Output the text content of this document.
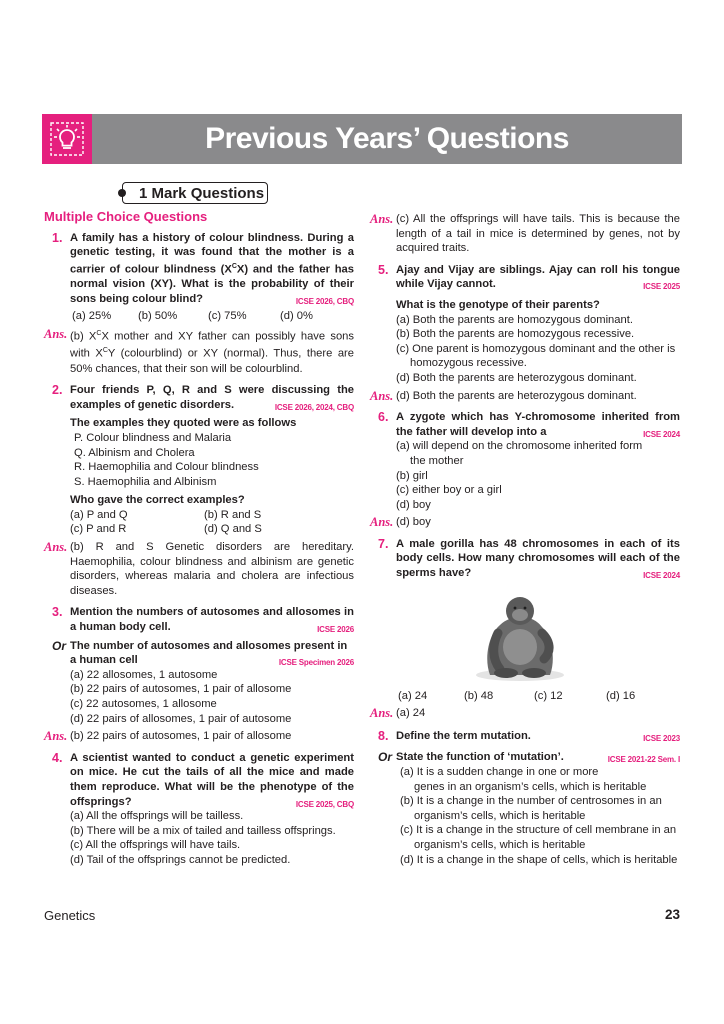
Previous Years’ Questions
1 Mark Questions
Multiple Choice Questions
1. A family has a history of colour blindness. During a genetic testing, it was found that the mother is a carrier of colour blindness $(X^CX)$ and the father has normal vision (XY). What is the probability of their sons being colour blind?	ICSE 2026, CBQ
(a) 25%	(b) 50%	(c) 75%	(d) 0%
Ans. (b) $X^CX$ mother and XY father can possibly have sons with $X^CY$ (colourblind) or XY (normal). Thus, there are 50% chances, that their son will be colourblind.
2. Four friends P, Q, R and S were discussing the examples of genetic disorders.	ICSE 2026, 2024, CBQ
The examples they quoted were as follows
P. Colour blindness and Malaria
Q. Albinism and Cholera
R. Haemophilia and Colour blindness
S. Haemophilia and Albinism
Who gave the correct examples?
(a) P and Q	(b) R and S
(c) P and R	(d) Q and S
Ans. (b) R and S Genetic disorders are hereditary. Haemophilia, colour blindness and albinism are genetic disorders, whereas malaria and cholera are infectious diseases.
3. Mention the numbers of autosomes and allosomes in a human body cell.	ICSE 2026
Or The number of autosomes and allosomes present in a human cell	ICSE Specimen 2026
(a) 22 allosomes, 1 autosome
(b) 22 pairs of autosomes, 1 pair of allosome
(c) 22 autosomes, 1 allosome
(d) 22 pairs of allosomes, 1 pair of autosome
Ans. (b) 22 pairs of autosomes, 1 pair of allosome
4. A scientist wanted to conduct a genetic experiment on mice. He cut the tails of all the mice and made them reproduce. What will be the phenotype of the offsprings?	ICSE 2025, CBQ
(a) All the offsprings will be tailless.
(b) There will be a mix of tailed and tailless offsprings.
(c) All the offsprings will have tails.
(d) Tail of the offsprings cannot be predicted.
Ans. (c) All the offsprings will have tails. This is because the length of a tail in mice is determined by genes, not by acquired traits.
5. Ajay and Vijay are siblings. Ajay can roll his tongue while Vijay cannot.	ICSE 2025
What is the genotype of their parents?
(a) Both the parents are homozygous dominant.
(b) Both the parents are homozygous recessive.
(c) One parent is homozygous dominant and the other is homozygous recessive.
(d) Both the parents are heterozygous dominant.
Ans. (d) Both the parents are heterozygous dominant.
6. A zygote which has Y-chromosome inherited from the father will develop into a	ICSE 2024
(a) will depend on the chromosome inherited form the mother
(b) girl
(c) either boy or a girl
(d) boy
Ans. (d) boy
7. A male gorilla has 48 chromosomes in each of its body cells. How many chromosomes will each of the sperms have?	ICSE 2024
(a) 24	(b) 48	(c) 12	(d) 16
Ans. (a) 24
8. Define the term mutation.	ICSE 2023
Or State the function of ‘mutation’.	ICSE 2021-22 Sem. I
(a) It is a sudden change in one or more genes in an organism’s cells, which is heritable
(b) It is a change in the number of centrosomes in an organism’s cells, which is heritable
(c) It is a change in the structure of cell membrane in an organism’s cells, which is heritable
(d) It is a change in the shape of cells, which is heritable
Genetics	23
